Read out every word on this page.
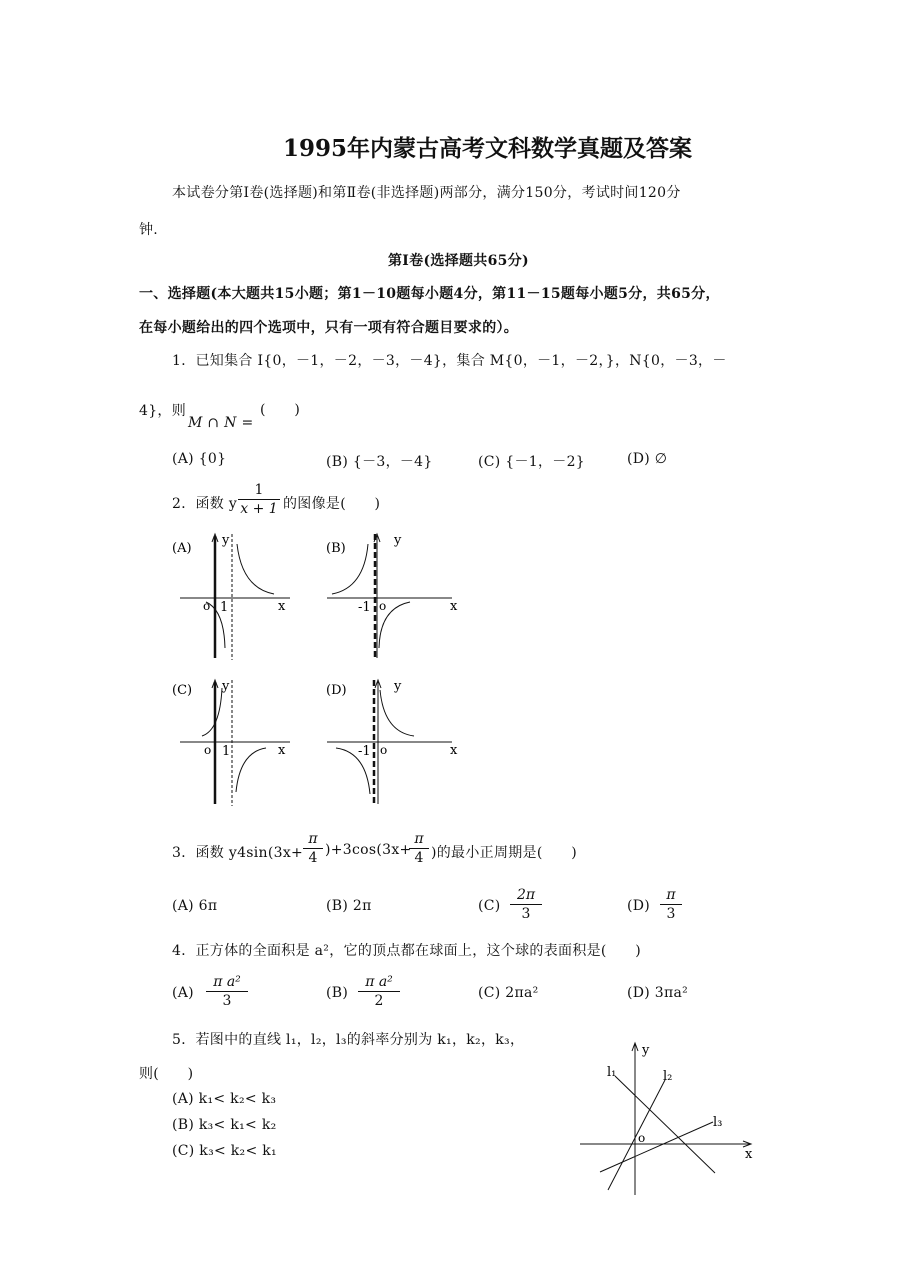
1995年内蒙古高考文科数学真题及答案
本试卷分第Ⅰ卷(选择题)和第Ⅱ卷(非选择题)两部分，满分150分，考试时间120分
钟.
第Ⅰ卷(选择题共65分)
一、选择题(本大题共15小题；第1－10题每小题4分，第11－15题每小题5分，共65分，
在每小题给出的四个选项中，只有一项有符合题目要求的）。
1．已知集合 I{0，－1，－2，－3，－4}，集合 M{0，－1，－2，}，N{0，－3，－
4}，则	(　　)
M ∩ N =
(A) {0}	(B) {－3，－4}	(C) {－1，－2}	(D) ∅
2．函数 y $\frac{1}{x + 1}$ 的图像是(　　)
(A)
y
x
o 1
(B)
y
x
-1 o
(C) y
x
o 1
(D)	y
x
-1 o
3．函数 $y4\sin(3x+ \frac{\pi}{4} )+3\cos(3x+$
$\frac{\pi}{4}$ )的最小正周期是(　　)
(A) 6π	(B) 2π	$(C) \frac{2\pi}{3}$	$(D) \frac{\pi}{3}$
4．正方体的全面积是 a²，它的顶点都在球面上，这个球的表面积是(　　)
$(A) \frac{\text{π a²}}{3}$	$(B) \frac{\text{π a²}}{2}$	(C) 2πa²	(D) 3πa²
5．若图中的直线 l₁，l₂，l₃的斜率分别为 k₁，k₂，k₃，
则(　　)
(A) k₁< k₂< k₃
(B) k₃< k₁< k₂
(C) k₃< k₂< k₁
y
x
o
l₁	l₂
l₃
